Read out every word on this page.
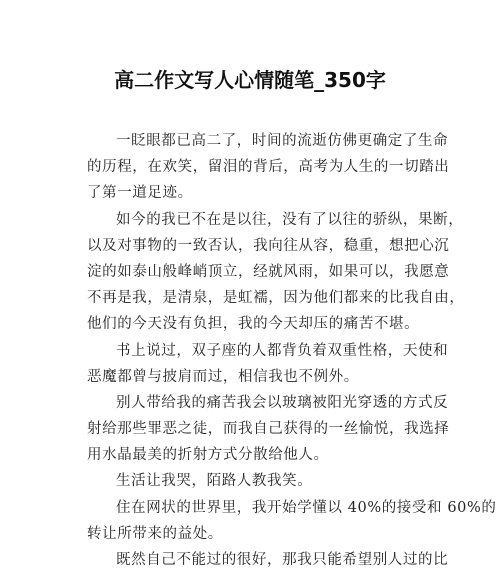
高二作文写人心情随笔_350字
一眨眼都已高二了，时间的流逝仿佛更确定了生命
的历程，在欢笑，留泪的背后，高考为人生的一切踏出
了第一道足迹。
如今的我已不在是以往，没有了以往的骄纵，果断，
以及对事物的一致否认，我向往从容，稳重，想把心沉
淀的如泰山般峰峭顶立，经就风雨，如果可以，我愿意
不再是我，是清泉，是虹襦，因为他们都来的比我自由，
他们的今天没有负担，我的今天却压的痛苦不堪。
书上说过，双子座的人都背负着双重性格，天使和
恶魔都曾与披肩而过，相信我也不例外。
别人带给我的痛苦我会以玻璃被阳光穿透的方式反
射给那些罪恶之徒，而我自己获得的一丝愉悦，我选择
用水晶最美的折射方式分散给他人。
生活让我哭，陌路人教我笑。
住在网状的世界里，我开始学懂以 40%的接受和 60%的
转让所带来的益处。
既然自己不能过的很好，那我只能希望别人过的比
